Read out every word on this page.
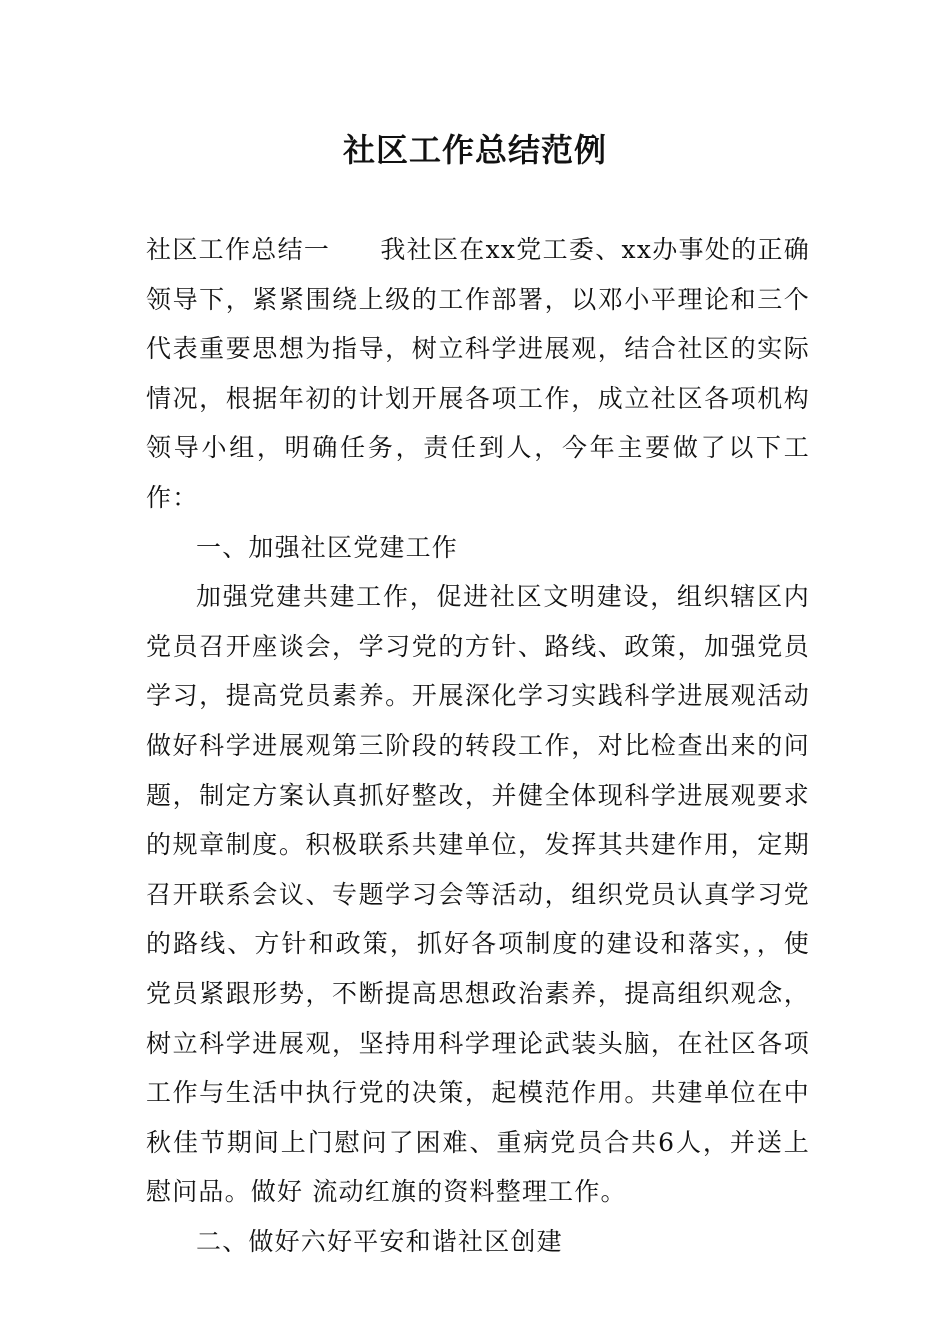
社区工作总结范例

社区工作总结一 我社区在xx党工委、xx办事处的正确领导下，紧紧围绕上级的工作部署，以邓小平理论和三个代表重要思想为指导，树立科学进展观，结合社区的实际情况，根据年初的计划开展各项工作，成立社区各项机构领导小组，明确任务，责任到人，今年主要做了以下工作：

一、加强社区党建工作

加强党建共建工作，促进社区文明建设，组织辖区内党员召开座谈会，学习党的方针、路线、政策，加强党员学习，提高党员素养。开展深化学习实践科学进展观活动做好科学进展观第三阶段的转段工作，对比检查出来的问题，制定方案认真抓好整改，并健全体现科学进展观要求的规章制度。积极联系共建单位，发挥其共建作用，定期召开联系会议、专题学习会等活动，组织党员认真学习党的路线、方针和政策，抓好各项制度的建设和落实，，使党员紧跟形势，不断提高思想政治素养，提高组织观念，树立科学进展观，坚持用科学理论武装头脑，在社区各项工作与生活中执行党的决策，起模范作用。共建单位在中秋佳节期间上门慰问了困难、重病党员合共6人，并送上慰问品。做好 流动红旗的资料整理工作。

二、做好六好平安和谐社区创建
